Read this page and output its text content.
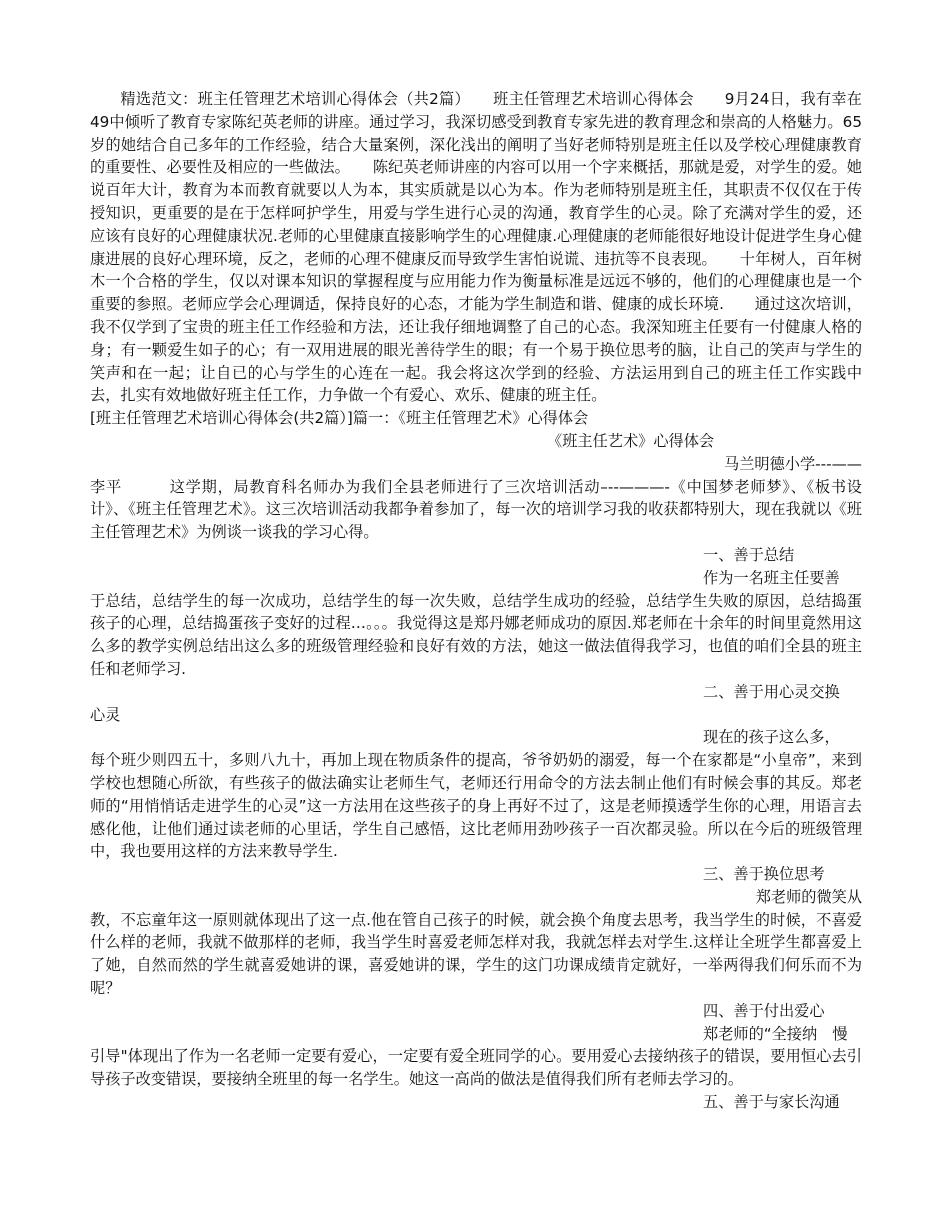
精选范文：班主任管理艺术培训心得体会（共2篇）　　班主任管理艺术培训心得体会　　9月24日，我有幸在49中倾听了教育专家陈纪英老师的讲座。通过学习，我深切感受到教育专家先进的教育理念和崇高的人格魅力。65岁的她结合自己多年的工作经验，结合大量案例，深化浅出的阐明了当好老师特别是班主任以及学校心理健康教育的重要性、必要性及相应的一些做法。　　陈纪英老师讲座的内容可以用一个字来概括，那就是爱，对学生的爱。她说百年大计，教育为本而教育就要以人为本，其实质就是以心为本。作为老师特别是班主任，其职责不仅仅在于传授知识，更重要的是在于怎样呵护学生，用爱与学生进行心灵的沟通，教育学生的心灵。除了充满对学生的爱，还应该有良好的心理健康状况.老师的心里健康直接影响学生的心理健康.心理健康的老师能很好地设计促进学生身心健康进展的良好心理环境，反之，老师的心理不健康反而导致学生害怕说谎、违抗等不良表现。　　十年树人，百年树木一个合格的学生，仅以对课本知识的掌握程度与应用能力作为衡量标准是远远不够的，他们的心理健康也是一个重要的参照。老师应学会心理调适，保持良好的心态，才能为学生制造和谐、健康的成长环境.　　通过这次培训，我不仅学到了宝贵的班主任工作经验和方法，还让我仔细地调整了自己的心态。我深知班主任要有一付健康人格的身；有一颗爱生如子的心；有一双用进展的眼光善待学生的眼；有一个易于换位思考的脑，让自己的笑声与学生的笑声和在一起；让自已的心与学生的心连在一起。我会将这次学到的经验、方法运用到自己的班主任工作实践中去，扎实有效地做好班主任工作，力争做一个有爱心、欢乐、健康的班主任。

[班主任管理艺术培训心得体会(共2篇）]篇一：《班主任管理艺术》心得体会

《班主任艺术》心得体会

马兰明德小学---——

李平　　　这学期，局教育科名师办为我们全县老师进行了三次培训活动–--———-《中国梦老师梦》、《板书设计》、《班主任管理艺术》。这三次培训活动我都争着参加了，每一次的培训学习我的收获都特别大，现在我就以《班主任管理艺术》为例谈一谈我的学习心得。

一、善于总结

作为一名班主任要善

于总结，总结学生的每一次成功，总结学生的每一次失败，总结学生成功的经验，总结学生失败的原因，总结捣蛋孩子的心理，总结捣蛋孩子变好的过程…。。。我觉得这是郑丹娜老师成功的原因.郑老师在十余年的时间里竟然用这么多的教学实例总结出这么多的班级管理经验和良好有效的方法，她这一做法值得我学习，也值的咱们全县的班主任和老师学习.

二、善于用心灵交换

心灵

现在的孩子这么多，

每个班少则四五十，多则八九十，再加上现在物质条件的提高，爷爷奶奶的溺爱，每一个在家都是“小皇帝”，来到学校也想随心所欲，有些孩子的做法确实让老师生气，老师还行用命令的方法去制止他们有时候会事的其反。郑老师的“用悄悄话走进学生的心灵”这一方法用在这些孩子的身上再好不过了，这是老师摸透学生你的心理，用语言去感化他，让他们通过读老师的心里话，学生自己感悟，这比老师用劲吵孩子一百次都灵验。所以在今后的班级管理中，我也要用这样的方法来教导学生.

三、善于换位思考

郑老师的微笑从

教，不忘童年这一原则就体现出了这一点.他在管自己孩子的时候，就会换个角度去思考，我当学生的时候，不喜爱什么样的老师，我就不做那样的老师，我当学生时喜爱老师怎样对我，我就怎样去对学生.这样让全班学生都喜爱上了她，自然而然的学生就喜爱她讲的课，喜爱她讲的课，学生的这门功课成绩肯定就好，一举两得我们何乐而不为呢？

四、善于付出爱心

郑老师的“全接纳　慢

引导"体现出了作为一名老师一定要有爱心，一定要有爱全班同学的心。要用爱心去接纳孩子的错误，要用恒心去引导孩子改变错误，要接纳全班里的每一名学生。她这一高尚的做法是值得我们所有老师去学习的。

五、善于与家长沟通
